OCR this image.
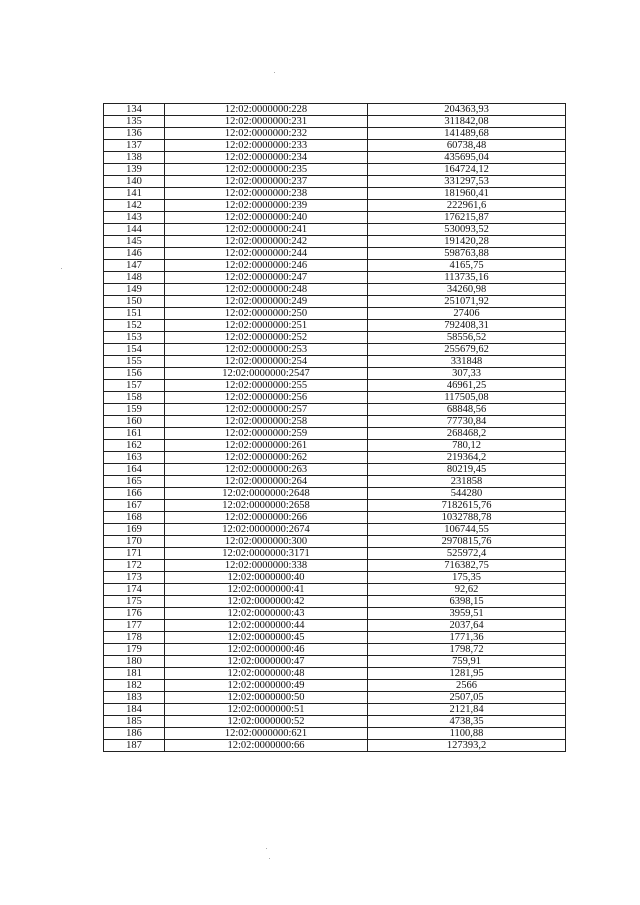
134	12:02:0000000:228	204363,93
135	12:02:0000000:231	311842,08
136	12:02:0000000:232	141489,68
137	12:02:0000000:233	60738,48
138	12:02:0000000:234	435695,04
139	12:02:0000000:235	164724,12
140	12:02:0000000:237	331297,53
141	12:02:0000000:238	181960,41
142	12:02:0000000:239	222961,6
143	12:02:0000000:240	176215,87
144	12:02:0000000:241	530093,52
145	12:02:0000000:242	191420,28
146	12:02:0000000:244	598763,88
147	12:02:0000000:246	4165,75
148	12:02:0000000:247	113735,16
149	12:02:0000000:248	34260,98
150	12:02:0000000:249	251071,92
151	12:02:0000000:250	27406
152	12:02:0000000:251	792408,31
153	12:02:0000000:252	58556,52
154	12:02:0000000:253	255679,62
155	12:02:0000000:254	331848
156	12:02:0000000:2547	307,33
157	12:02:0000000:255	46961,25
158	12:02:0000000:256	117505,08
159	12:02:0000000:257	68848,56
160	12:02:0000000:258	77730,84
161	12:02:0000000:259	268468,2
162	12:02:0000000:261	780,12
163	12:02:0000000:262	219364,2
164	12:02:0000000:263	80219,45
165	12:02:0000000:264	231858
166	12:02:0000000:2648	544280
167	12:02:0000000:2658	7182615,76
168	12:02:0000000:266	1032788,78
169	12:02:0000000:2674	106744,55
170	12:02:0000000:300	2970815,76
171	12:02:0000000:3171	525972,4
172	12:02:0000000:338	716382,75
173	12:02:0000000:40	175,35
174	12:02:0000000:41	92,62
175	12:02:0000000:42	6398,15
176	12:02:0000000:43	3959,51
177	12:02:0000000:44	2037,64
178	12:02:0000000:45	1771,36
179	12:02:0000000:46	1798,72
180	12:02:0000000:47	759,91
181	12:02:0000000:48	1281,95
182	12:02:0000000:49	2566
183	12:02:0000000:50	2507,05
184	12:02:0000000:51	2121,84
185	12:02:0000000:52	4738,35
186	12:02:0000000:621	1100,88
187	12:02:0000000:66	127393,2
